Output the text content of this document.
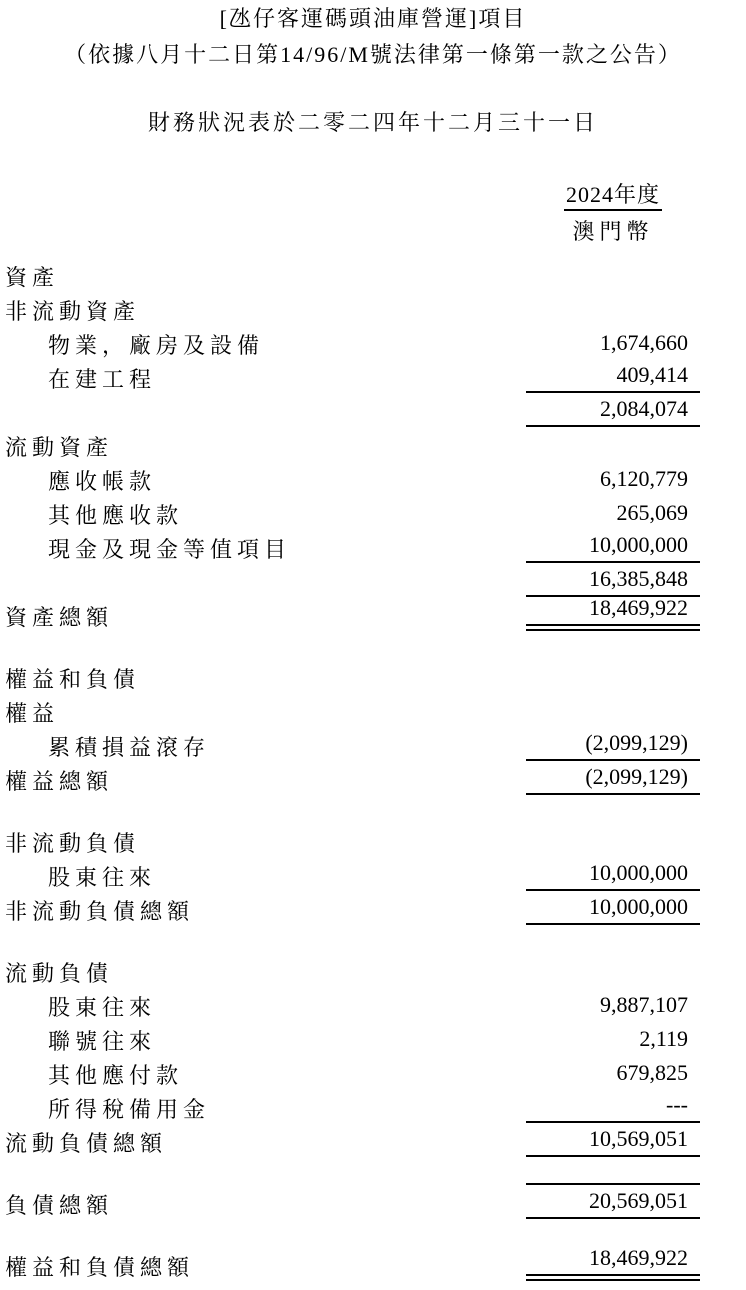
[氹仔客運碼頭油庫營運]項目
（依據八月十二日第14/96/M號法律第一條第一款之公告）
財務狀況表於二零二四年十二月三十一日
2024年度
澳門幣
資產
非流動資產
物業，廠房及設備	1,674,660
在建工程	409,414
2,084,074
流動資產
應收帳款	6,120,779
其他應收款	265,069
現金及現金等值項目	10,000,000
16,385,848
資產總額	18,469,922
權益和負債
權益
累積損益滾存	(2,099,129)
權益總額	(2,099,129)
非流動負債
股東往來	10,000,000
非流動負債總額	10,000,000
流動負債
股東往來	9,887,107
聯號往來	2,119
其他應付款	679,825
所得稅備用金	---
流動負債總額	10,569,051
負債總額	20,569,051
權益和負債總額	18,469,922
